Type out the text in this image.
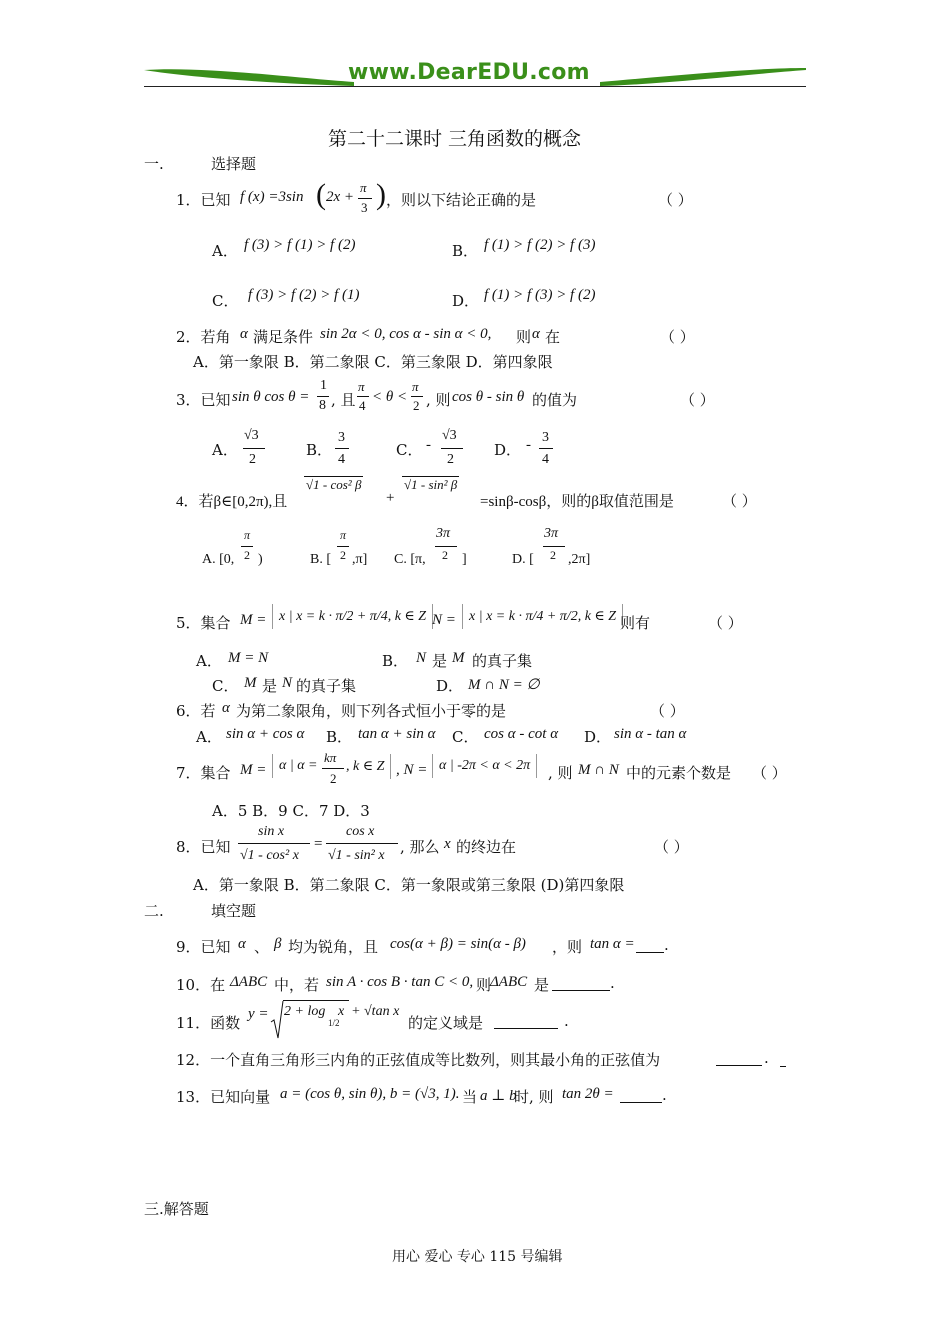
www.DearEDU.com
第二十二课时 三角函数的概念
一.	选择题
1．已知 f (x) =3sin ( 2x +
π
3 ) ，则以下结论正确的是	（ ）
A． f (3) > f (1) > f (2)	B． f (1) > f (2) > f (3)
C． f (3) > f (2) > f (1)	D． f (1) > f (3) > f (2)
2．若角 α 满足条件 sin 2α < 0, cos α - sin α < 0, 则 α 在	（ ）
A．第一象限 B．第二象限 C．第三象限 D．第四象限
3．已知 sin θ cos θ =
1
8 , 且
π
4
< θ <
π
2 , 则 cos θ - sin θ 的值为	（ ）
A．
√3
2
B．
3
4
C． -
√3
2
D． - 3
4
4．若β∈[0,2π),且
√1 - cos² β
+
√1 - sin² β
=sinβ-cosβ，则的β取值范围是	（ ）
A. [0,
π
2 )	B. [
π
2 ,π] C. [π,
3π
2 ]	D. [
3π
2 ,2π]
5．集合 M = x | x = k · π/2 + π/4, k ∈ Z N = x | x = k · π/4 + π/2, k ∈ Z 则有	（ ）
A． M = N	B． N 是 M 的真子集
C． M 是 N 的真子集	D． M ∩ N = ∅
6．若 α 为第二象限角，则下列各式恒小于零的是	（ ）
A． sin α + cos α B． tan α + sin α C． cos α - cot α D． sin α - tan α
7．集合 M = α | α =
kπ
2
, k ∈ Z , N = α | -2π < α < 2π	, 则 M ∩ N 中的元素个数是 （ ）
A．5 B．9 C．7 D．3
8．已知
sin x
√1 - cos² x
=
cos x
√1 - sin² x , 那么 x 的终边在	（ ）
A．第一象限 B．第二象限 C．第一象限或第三象限 (D)第四象限
二.	填空题
9．已知 α 、 β 均为锐角，且 cos(α + β) = sin(α - β) ，则 tan α = .
10．在 ΔABC 中，若 sin A · cos B · tan C < 0, 则
ΔABC 是	.
11．函数 y = 2 + log
1/2
x + √tan x
的定义域是	.
12．一个直角三角形三内角的正弦值成等比数列，则其最小角的正弦值为	.
13．已知向量 a = (cos θ, sin θ), b = (√3, 1). 当 a ⊥ b
时, 则 tan 2θ =	.
三.解答题
用心 爱心 专心 115 号编辑
